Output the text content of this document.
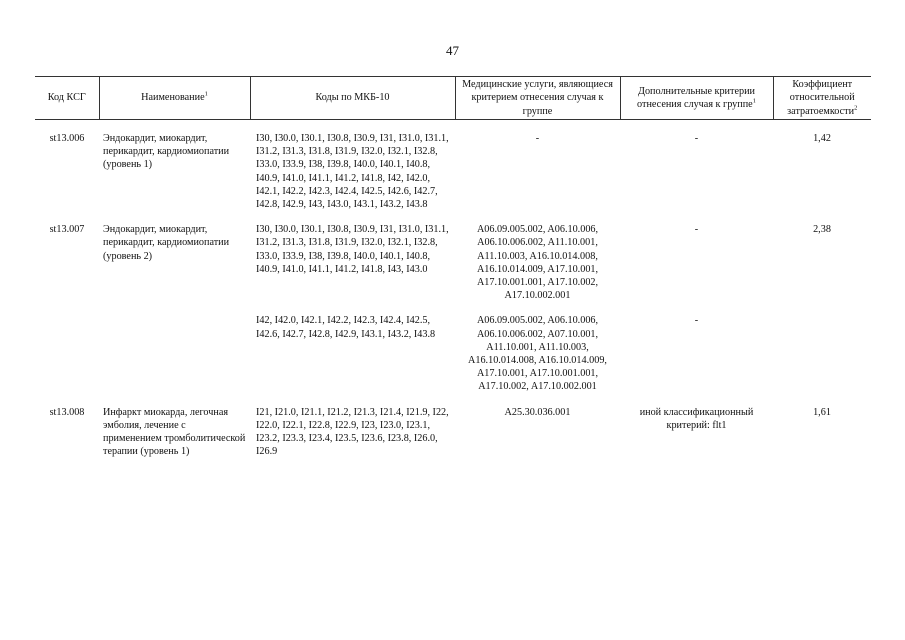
47
Код КСГ	Наименование$^1$	Коды по МКБ-10	Медицинские услуги, являющиеся критерием отнесения случая к группе	Дополнительные критерии отнесения случая к группе$^1$	Коэффициент относительной затратоемкости$^2$

st13.006	Эндокардит, миокардит, перикардит, кардиомиопатии (уровень 1)	I30, I30.0, I30.1, I30.8, I30.9, I31, I31.0, I31.1, I31.2, I31.3, I31.8, I31.9, I32.0, I32.1, I32.8, I33.0, I33.9, I38, I39.8, I40.0, I40.1, I40.8, I40.9, I41.0, I41.1, I41.2, I41.8, I42, I42.0, I42.1, I42.2, I42.3, I42.4, I42.5, I42.6, I42.7, I42.8, I42.9, I43, I43.0, I43.1, I43.2, I43.8	-	-	1,42
st13.007	Эндокардит, миокардит, перикардит, кардиомиопатии (уровень 2)	I30, I30.0, I30.1, I30.8, I30.9, I31, I31.0, I31.1, I31.2, I31.3, I31.8, I31.9, I32.0, I32.1, I32.8, I33.0, I33.9, I38, I39.8, I40.0, I40.1, I40.8, I40.9, I41.0, I41.1, I41.2, I41.8, I43, I43.0	A06.09.005.002, A06.10.006, A06.10.006.002, A11.10.001, A11.10.003, A16.10.014.008, A16.10.014.009, A17.10.001, A17.10.001.001, A17.10.002, A17.10.002.001	-	2,38
		I42, I42.0, I42.1, I42.2, I42.3, I42.4, I42.5, I42.6, I42.7, I42.8, I42.9, I43.1, I43.2, I43.8	A06.09.005.002, A06.10.006, A06.10.006.002, A07.10.001, A11.10.001, A11.10.003, A16.10.014.008, A16.10.014.009, A17.10.001, A17.10.001.001, A17.10.002, A17.10.002.001	-	
st13.008	Инфаркт миокарда, легочная эмболия, лечение с применением тромболитической терапии (уровень 1)	I21, I21.0, I21.1, I21.2, I21.3, I21.4, I21.9, I22, I22.0, I22.1, I22.8, I22.9, I23, I23.0, I23.1, I23.2, I23.3, I23.4, I23.5, I23.6, I23.8, I26.0, I26.9	A25.30.036.001	иной классификационный критерий: flt1	1,61
